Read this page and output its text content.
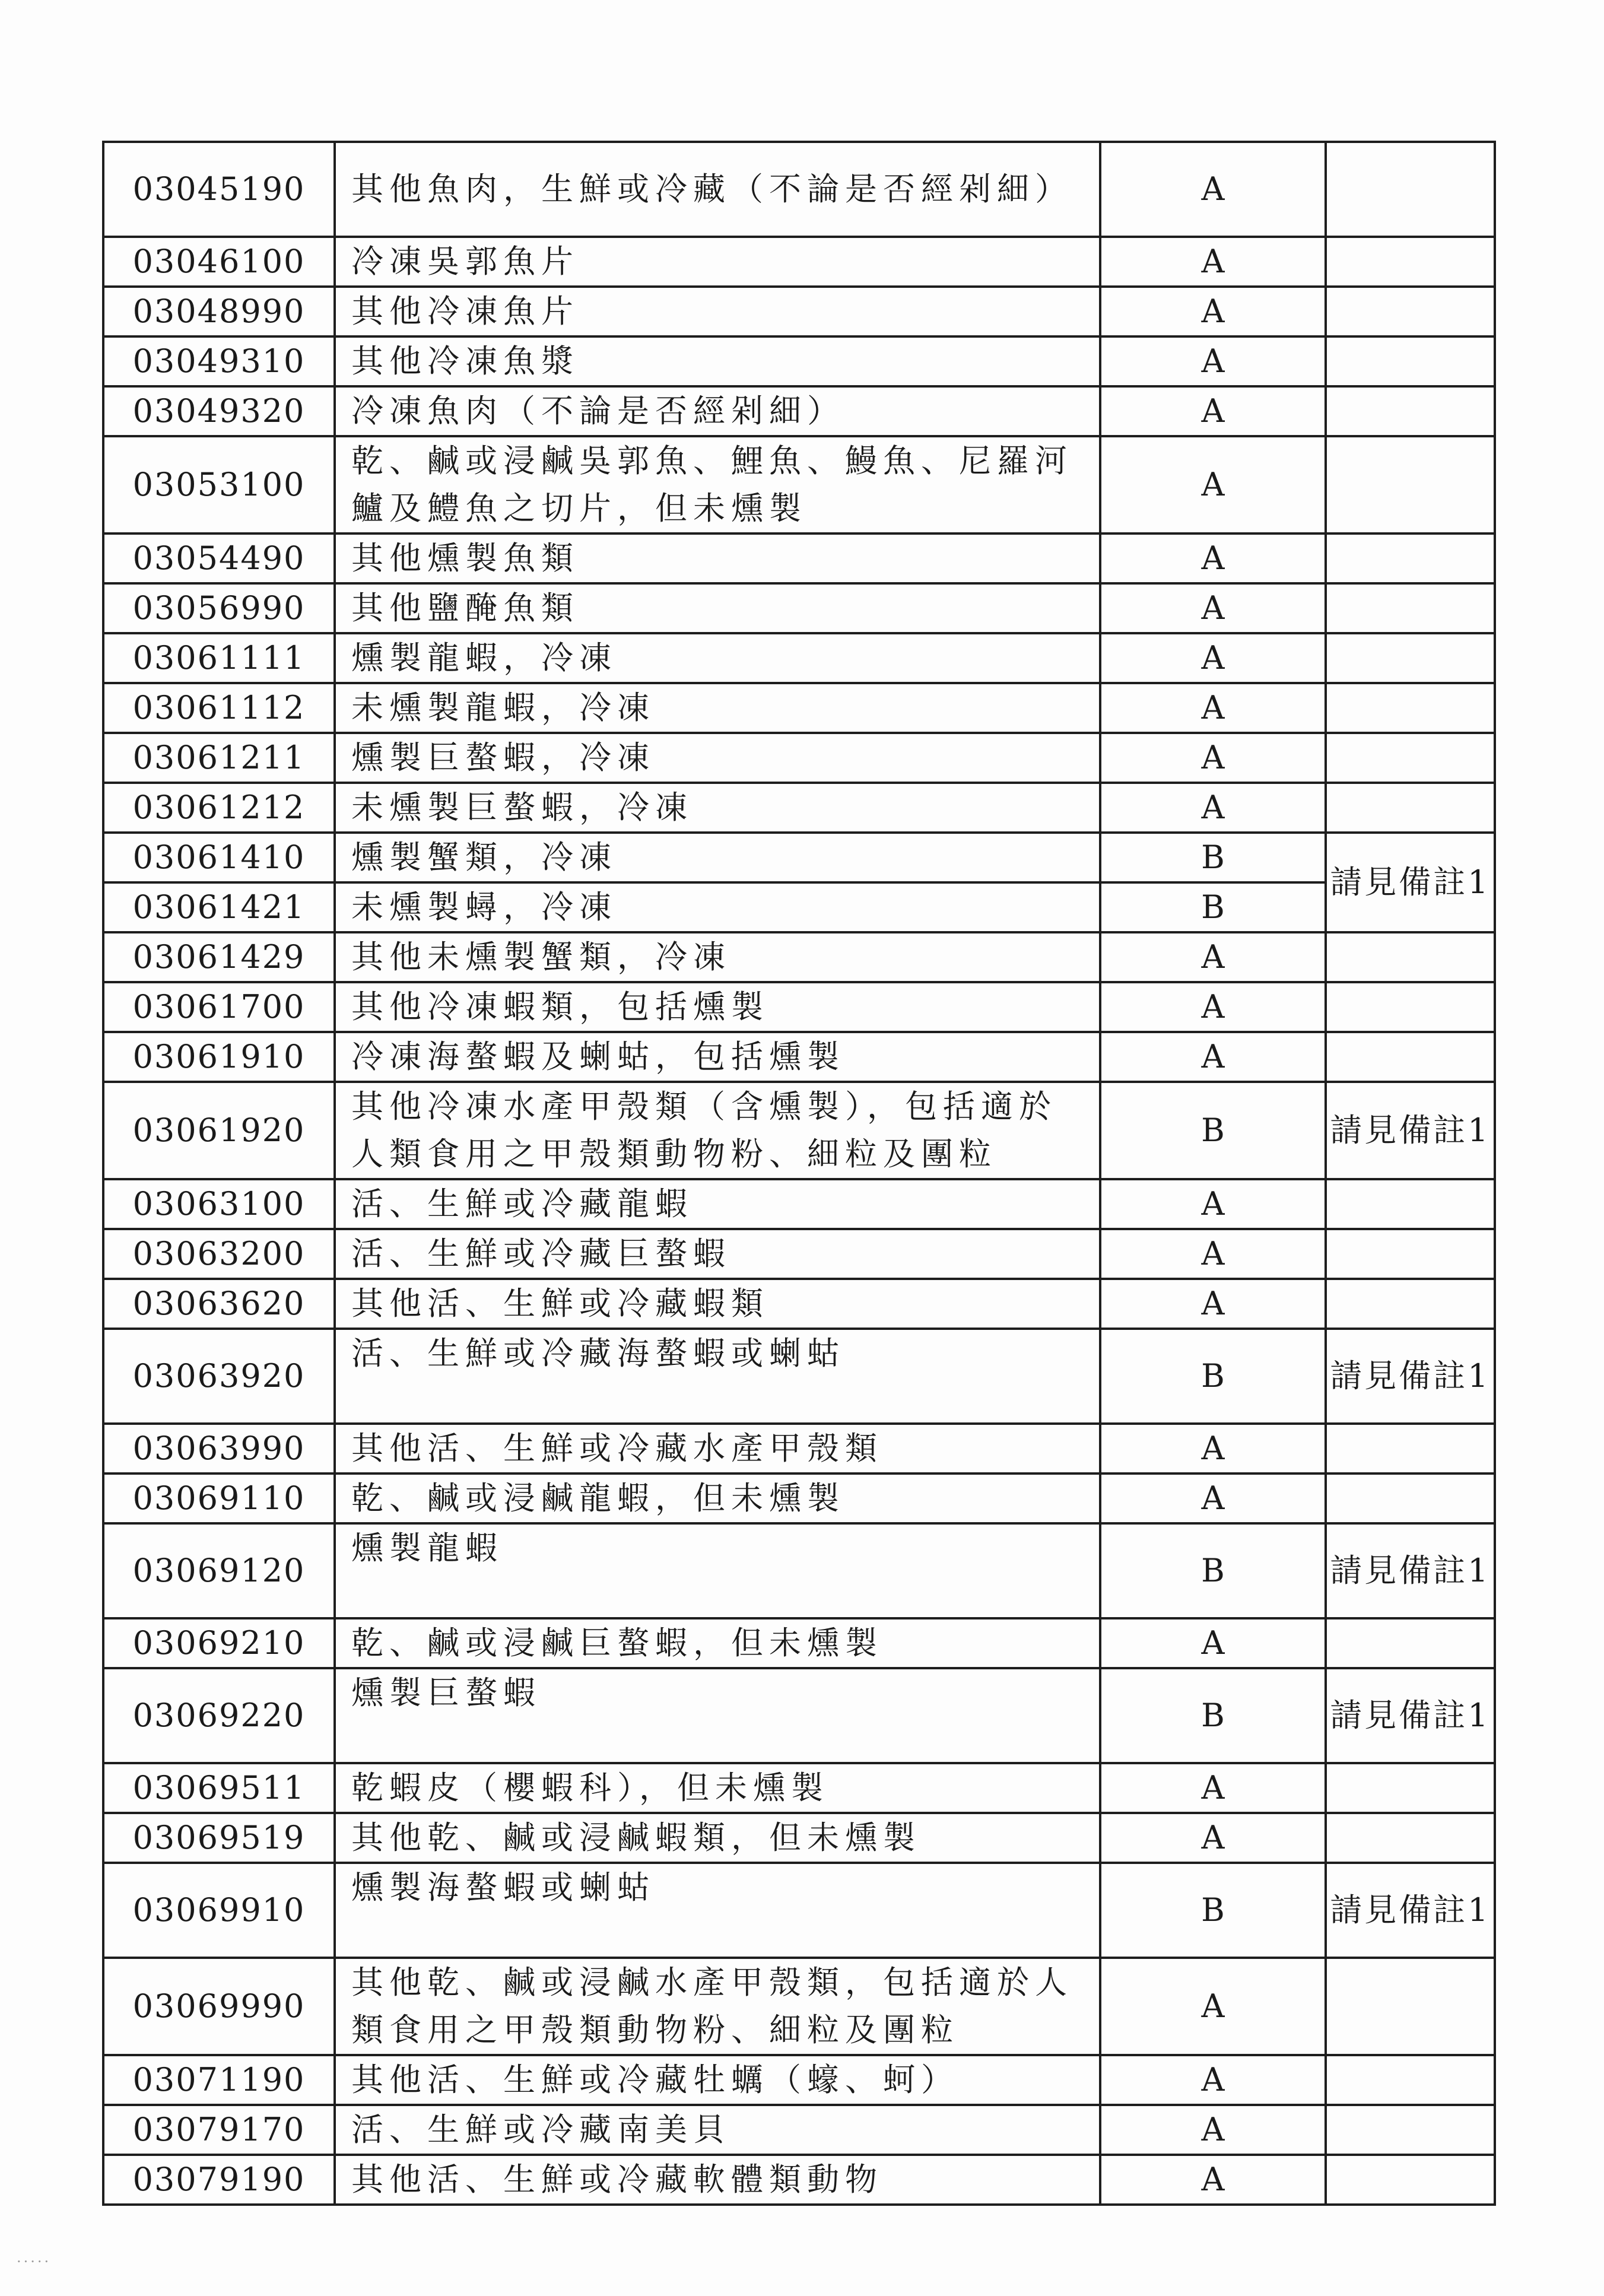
03045190	其他魚肉，生鮮或冷藏（不論是否經剁細）	A	
03046100	冷凍吳郭魚片	A	
03048990	其他冷凍魚片	A	
03049310	其他冷凍魚漿	A	
03049320	冷凍魚肉（不論是否經剁細）	A	
03053100	乾、鹹或浸鹹吳郭魚、鯉魚、鰻魚、尼羅河鱸及鱧魚之切片，但未燻製	A	
03054490	其他燻製魚類	A	
03056990	其他鹽醃魚類	A	
03061111	燻製龍蝦，冷凍	A	
03061112	未燻製龍蝦，冷凍	A	
03061211	燻製巨螯蝦，冷凍	A	
03061212	未燻製巨螯蝦，冷凍	A	
03061410	燻製蟹類，冷凍	B	請見備註1
03061421	未燻製蟳，冷凍	B	
03061429	其他未燻製蟹類，冷凍	A	
03061700	其他冷凍蝦類，包括燻製	A	
03061910	冷凍海螯蝦及蝲蛄，包括燻製	A	
03061920	其他冷凍水產甲殼類（含燻製），包括適於人類食用之甲殼類動物粉、細粒及團粒	B	請見備註1
03063100	活、生鮮或冷藏龍蝦	A	
03063200	活、生鮮或冷藏巨螯蝦	A	
03063620	其他活、生鮮或冷藏蝦類	A	
03063920	活、生鮮或冷藏海螯蝦或蝲蛄	B	請見備註1
03063990	其他活、生鮮或冷藏水產甲殼類	A	
03069110	乾、鹹或浸鹹龍蝦，但未燻製	A	
03069120	燻製龍蝦	B	請見備註1
03069210	乾、鹹或浸鹹巨螯蝦，但未燻製	A	
03069220	燻製巨螯蝦	B	請見備註1
03069511	乾蝦皮（櫻蝦科），但未燻製	A	
03069519	其他乾、鹹或浸鹹蝦類，但未燻製	A	
03069910	燻製海螯蝦或蝲蛄	B	請見備註1
03069990	其他乾、鹹或浸鹹水產甲殼類，包括適於人類食用之甲殼類動物粉、細粒及團粒	A	
03071190	其他活、生鮮或冷藏牡蠣（蠔、蚵）	A	
03079170	活、生鮮或冷藏南美貝	A	
03079190	其他活、生鮮或冷藏軟體類動物	A	
.....
